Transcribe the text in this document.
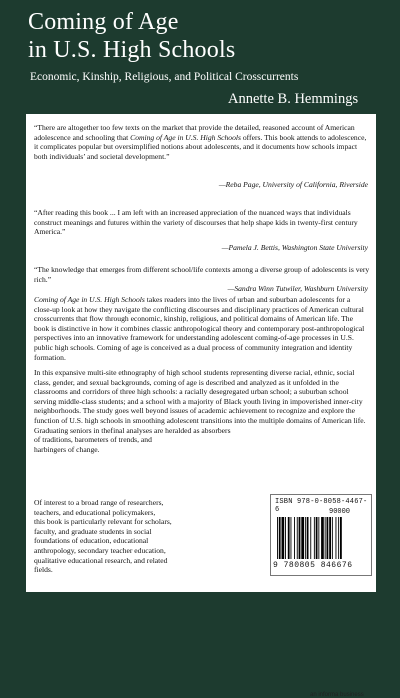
Coming of Age
in U.S. High Schools
Economic, Kinship, Religious, and Political Crosscurrents
Annette B. Hemmings
“There are altogether too few texts on the market that provide the detailed, reasoned account of American adolescence and schooling that Coming of Age in U.S. High Schools offers. This book attends to adolescence, it complicates popular but oversimplified notions about adolescents, and it documents how schools impact both individuals’ and societal development.”
—Reba Page, University of California, Riverside
“After reading this book ... I am left with an increased appreciation of the nuanced ways that individuals construct meanings and futures within the variety of discourses that help shape kids in twenty-first century America.”
—Pamela J. Bettis, Washington State University
“The knowledge that emerges from different school/life contexts among a diverse group of adolescents is very rich.”
—Sandra Winn Tutwiler, Washburn University
Coming of Age in U.S. High Schools takes readers into the lives of urban and suburban adolescents for a close-up look at how they navigate the conflicting discourses and disciplinary practices of American cultural crosscurrents that flow through economic, kinship, religious, and political domains of American life. The book is distinctive in how it combines classic anthropological theory and contemporary post-anthropological perspectives into an innovative framework for understanding adolescent coming-of-age processes in U.S. public high schools. Coming of age is conceived as a dual process of community integration and identity formation.
In this expansive multi-site ethnography of high school students representing diverse racial, ethnic, social class, gender, and sexual backgrounds, coming of age is described and analyzed as it unfolded in the classrooms and corridors of three high schools: a racially desegregated urban school; a suburban school serving middle-class students; and a school with a majority of Black youth living in impoverished inner-city neighborhoods. The study goes well beyond issues of academic achievement to recognize and explore the function of U.S. high schools in smoothing adolescent transitions into the multiple domains of American life. Graduating seniors in thefinal analyses are heralded as absorbers
of traditions, barometers of trends, and
harbingers of change.
Of interest to a broad range of researchers,
teachers, and educational policymakers,
this book is particularly relevant for scholars,
faculty, and graduate students in social
foundations of education, educational
anthropology, secondary teacher education,
qualitative educational research, and related
fields.
ISBN 978-0-8058-4467-6	90000
9 780805 846676
an informa business
